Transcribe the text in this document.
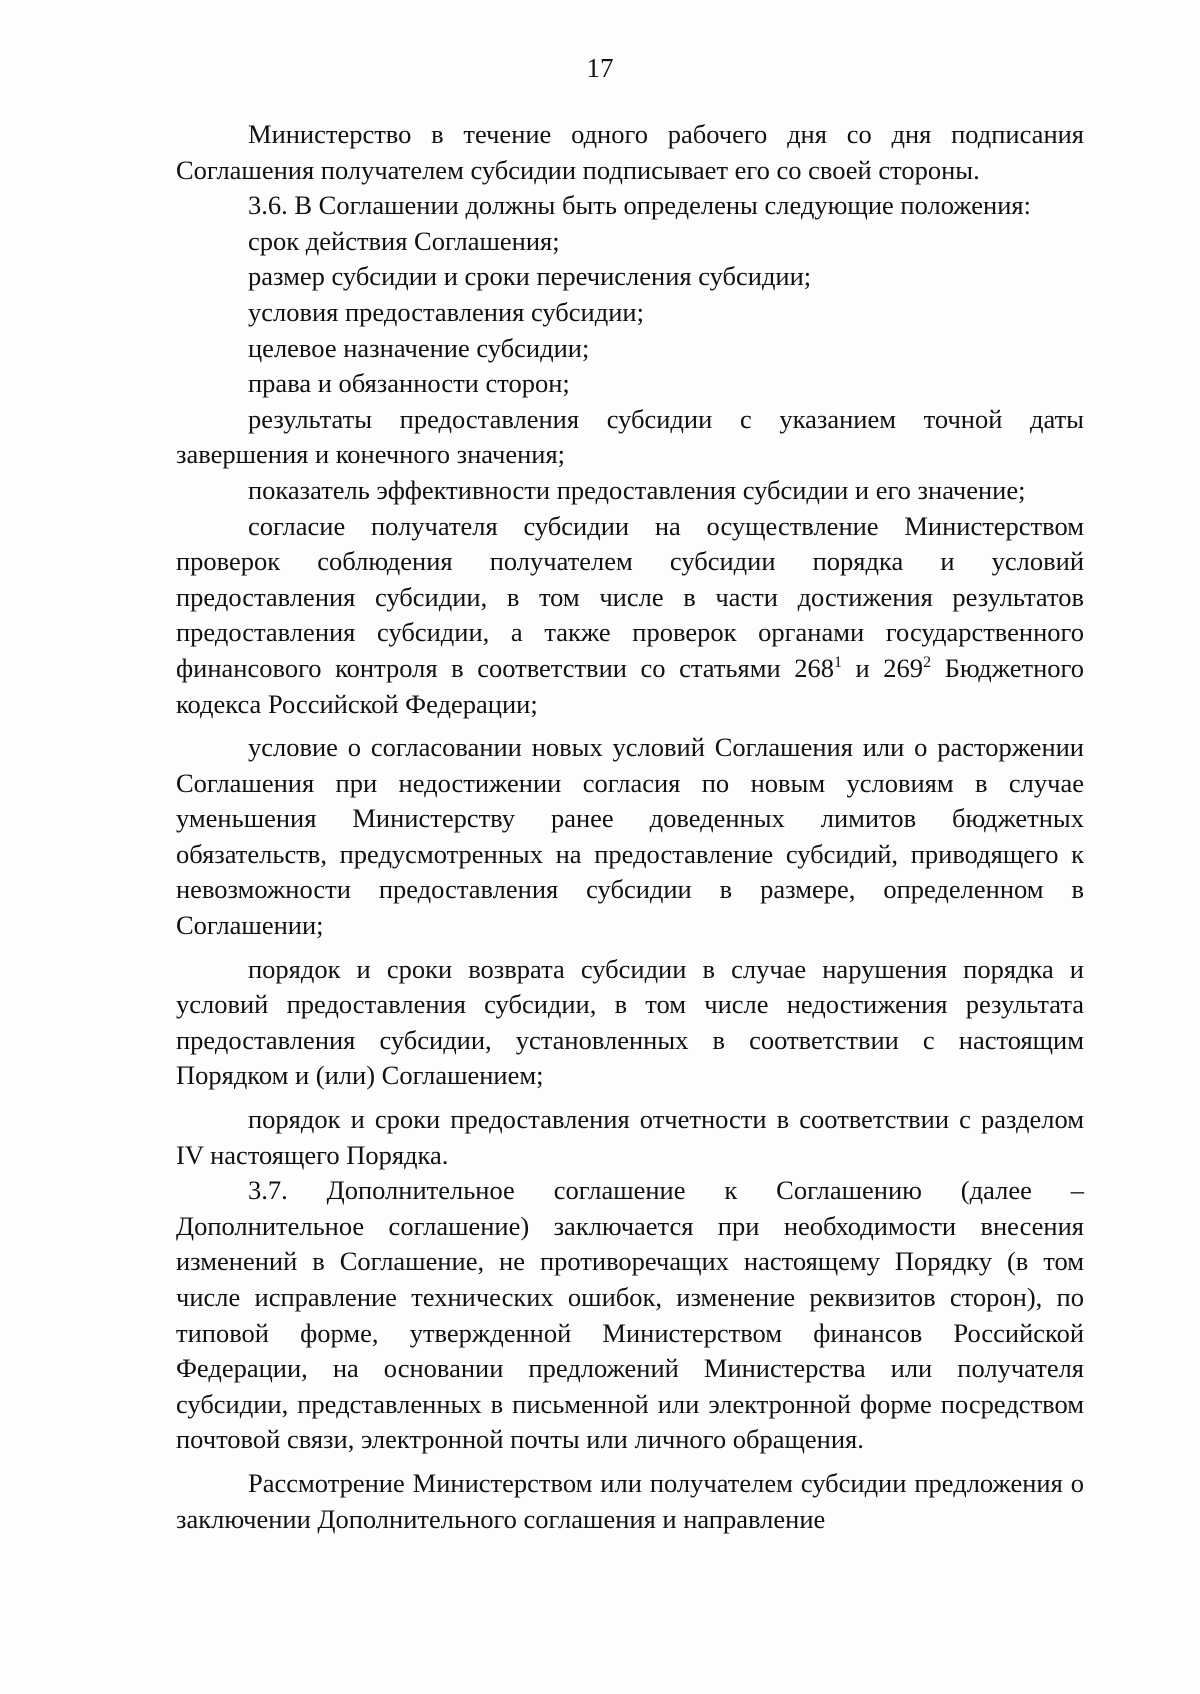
17

Министерство в течение одного рабочего дня со дня подписания Соглашения получателем субсидии подписывает его со своей стороны.

3.6. В Соглашении должны быть определены следующие положения:

срок действия Соглашения;

размер субсидии и сроки перечисления субсидии;

условия предоставления субсидии;

целевое назначение субсидии;

права и обязанности сторон;

результаты предоставления субсидии с указанием точной даты завершения и конечного значения;

показатель эффективности предоставления субсидии и его значение;

согласие получателя субсидии на осуществление Министерством проверок соблюдения получателем субсидии порядка и условий предоставления субсидии, в том числе в части достижения результатов предоставления субсидии, а также проверок органами государственного финансового контроля в соответствии со статьями $268^1$ и $269^2$ Бюджетного кодекса Российской Федерации;

условие о согласовании новых условий Соглашения или о расторжении Соглашения при недостижении согласия по новым условиям в случае уменьшения Министерству ранее доведенных лимитов бюджетных обязательств, предусмотренных на предоставление субсидий, приводящего к невозможности предоставления субсидии в размере, определенном в Соглашении;

порядок и сроки возврата субсидии в случае нарушения порядка и условий предоставления субсидии, в том числе недостижения результата предоставления субсидии, установленных в соответствии с настоящим Порядком и (или) Соглашением;

порядок и сроки предоставления отчетности в соответствии с разделом IV настоящего Порядка.

3.7. Дополнительное соглашение к Соглашению (далее – Дополнительное соглашение) заключается при необходимости внесения изменений в Соглашение, не противоречащих настоящему Порядку (в том числе исправление технических ошибок, изменение реквизитов сторон), по типовой форме, утвержденной Министерством финансов Российской Федерации, на основании предложений Министерства или получателя субсидии, представленных в письменной или электронной форме посредством почтовой связи, электронной почты или личного обращения.

Рассмотрение Министерством или получателем субсидии предложения о заключении Дополнительного соглашения и направление
